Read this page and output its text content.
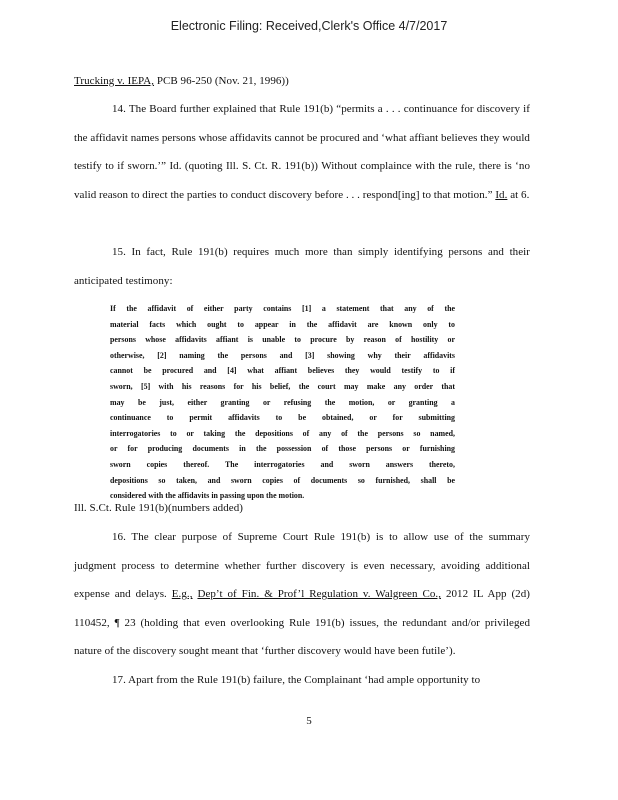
Electronic Filing: Received,Clerk's Office 4/7/2017

Trucking v. IEPA, PCB 96-250 (Nov. 21, 1996))

14. The Board further explained that Rule 191(b) “permits a . . . continuance for discovery if the affidavit names persons whose affidavits cannot be procured and ‘what affiant believes they would testify to if sworn.’” Id. (quoting Ill. S. Ct. R. 191(b)) Without complaince with the rule, there is ‘no valid reason to direct the parties to conduct discovery before . . . respond[ing] to that motion.” Id. at 6.

15. In fact, Rule 191(b) requires much more than simply identifying persons and their anticipated testimony:

If the affidavit of either party contains [1] a statement that any of the
material facts which ought to appear in the affidavit are known only to
persons whose affidavits affiant is unable to procure by reason of hostility or
otherwise, [2] naming the persons and [3] showing why their affidavits
cannot be procured and [4] what affiant believes they would testify to if
sworn, [5] with his reasons for his belief, the court may make any order that
may be just, either granting or refusing the motion, or granting a
continuance to permit affidavits to be obtained, or for submitting
interrogatories to or taking the depositions of any of the persons so named,
or for producing documents in the possession of those persons or furnishing
sworn copies thereof. The interrogatories and sworn answers thereto,
depositions so taken, and sworn copies of documents so furnished, shall be
considered with the affidavits in passing upon the motion.

Ill. S.Ct. Rule 191(b)(numbers added)

16. The clear purpose of Supreme Court Rule 191(b) is to allow use of the summary judgment process to determine whether further discovery is even necessary, avoiding additional expense and delays. E.g., Dep’t of Fin. & Prof’l Regulation v. Walgreen Co., 2012 IL App (2d) 110452, ¶ 23 (holding that even overlooking Rule 191(b) issues, the redundant and/or privileged nature of the discovery sought meant that ‘further discovery would have been futile’).

17. Apart from the Rule 191(b) failure, the Complainant ‘had ample opportunity to

5
